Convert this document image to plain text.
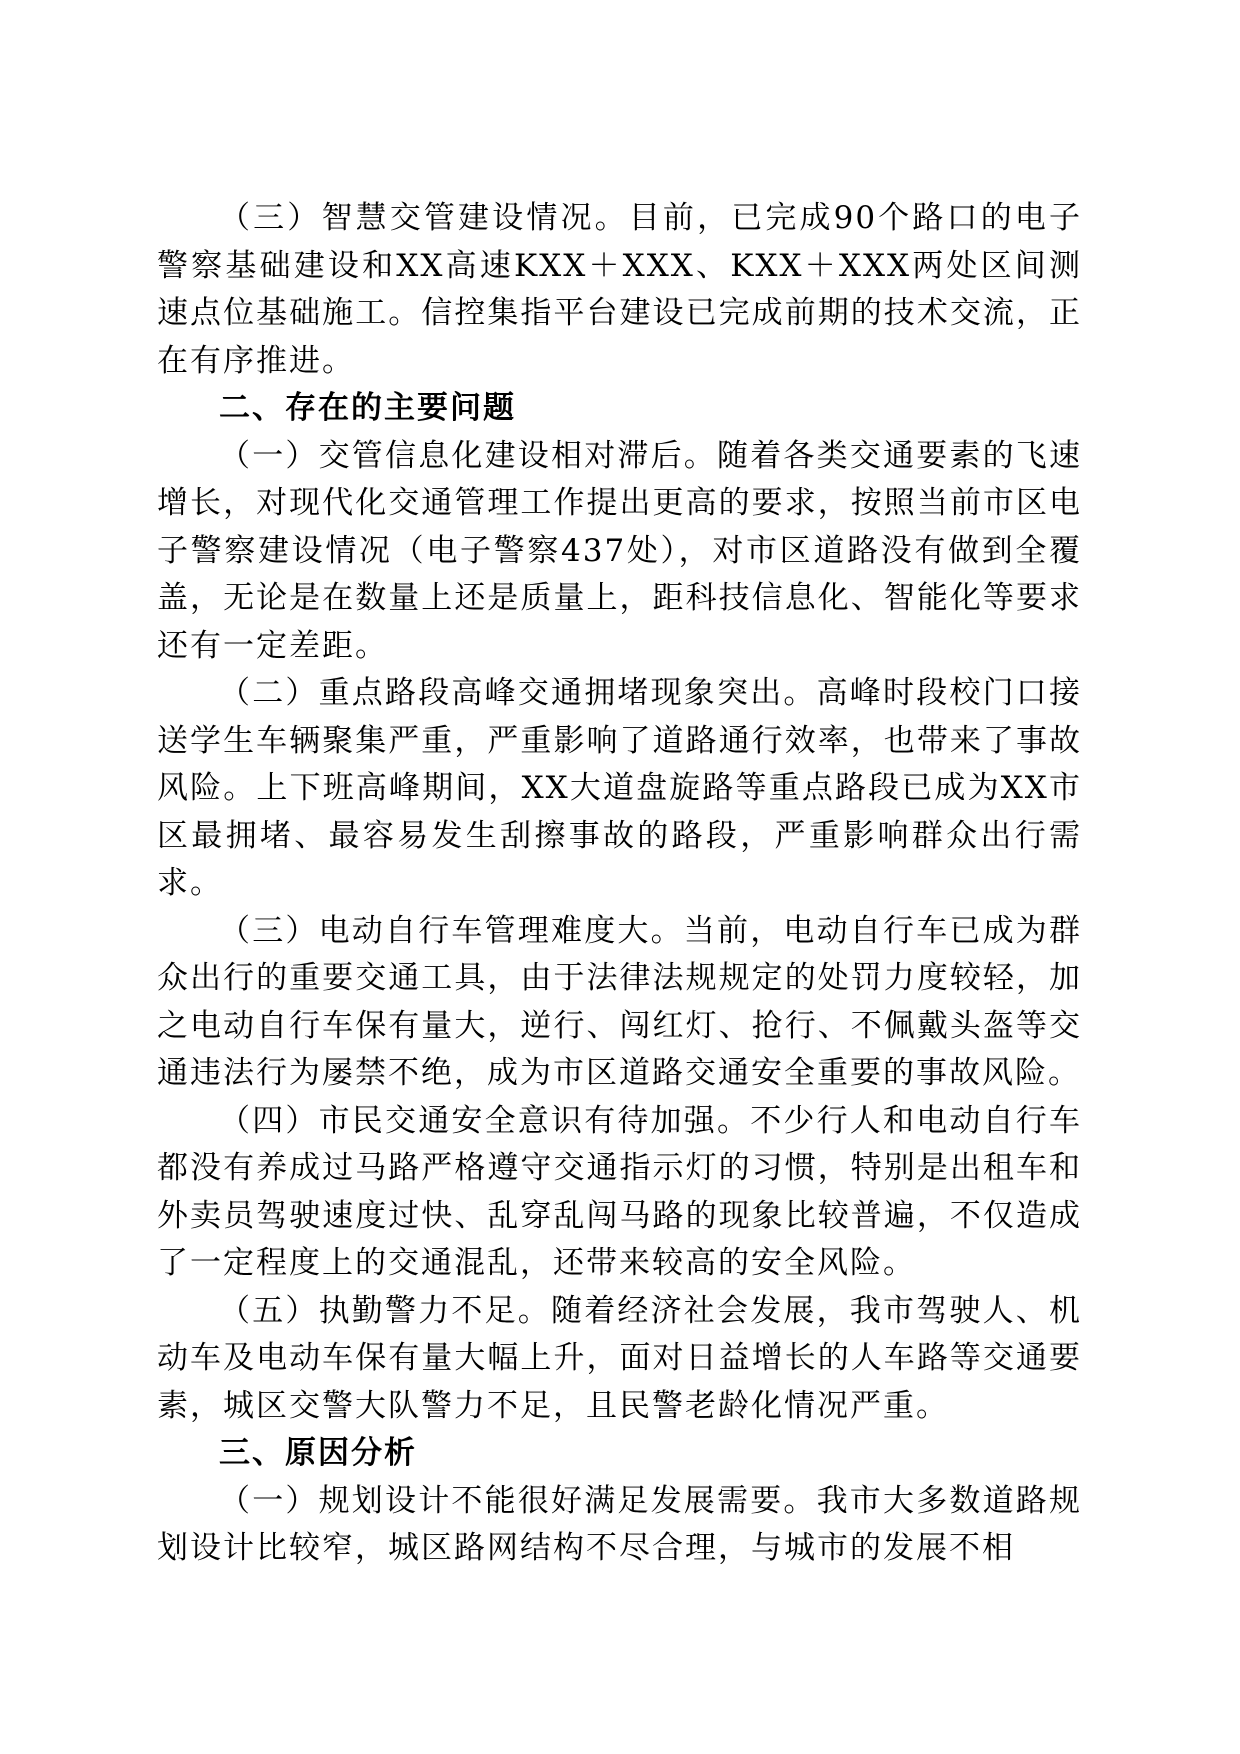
（三）智慧交管建设情况。目前，已完成90个路口的电子警察基础建设和XX高速KXX＋XXX、KXX＋XXX两处区间测速点位基础施工。信控集指平台建设已完成前期的技术交流，正在有序推进。

二、存在的主要问题

（一）交管信息化建设相对滞后。随着各类交通要素的飞速增长，对现代化交通管理工作提出更高的要求，按照当前市区电子警察建设情况（电子警察437处），对市区道路没有做到全覆盖，无论是在数量上还是质量上，距科技信息化、智能化等要求还有一定差距。

（二）重点路段高峰交通拥堵现象突出。高峰时段校门口接送学生车辆聚集严重，严重影响了道路通行效率，也带来了事故风险。上下班高峰期间，XX大道盘旋路等重点路段已成为XX市区最拥堵、最容易发生刮擦事故的路段，严重影响群众出行需求。

（三）电动自行车管理难度大。当前，电动自行车已成为群众出行的重要交通工具，由于法律法规规定的处罚力度较轻，加之电动自行车保有量大，逆行、闯红灯、抢行、不佩戴头盔等交通违法行为屡禁不绝，成为市区道路交通安全重要的事故风险。

（四）市民交通安全意识有待加强。不少行人和电动自行车都没有养成过马路严格遵守交通指示灯的习惯，特别是出租车和外卖员驾驶速度过快、乱穿乱闯马路的现象比较普遍，不仅造成了一定程度上的交通混乱，还带来较高的安全风险。

（五）执勤警力不足。随着经济社会发展，我市驾驶人、机动车及电动车保有量大幅上升，面对日益增长的人车路等交通要素，城区交警大队警力不足，且民警老龄化情况严重。

三、原因分析

（一）规划设计不能很好满足发展需要。我市大多数道路规划设计比较窄，城区路网结构不尽合理，与城市的发展不相
